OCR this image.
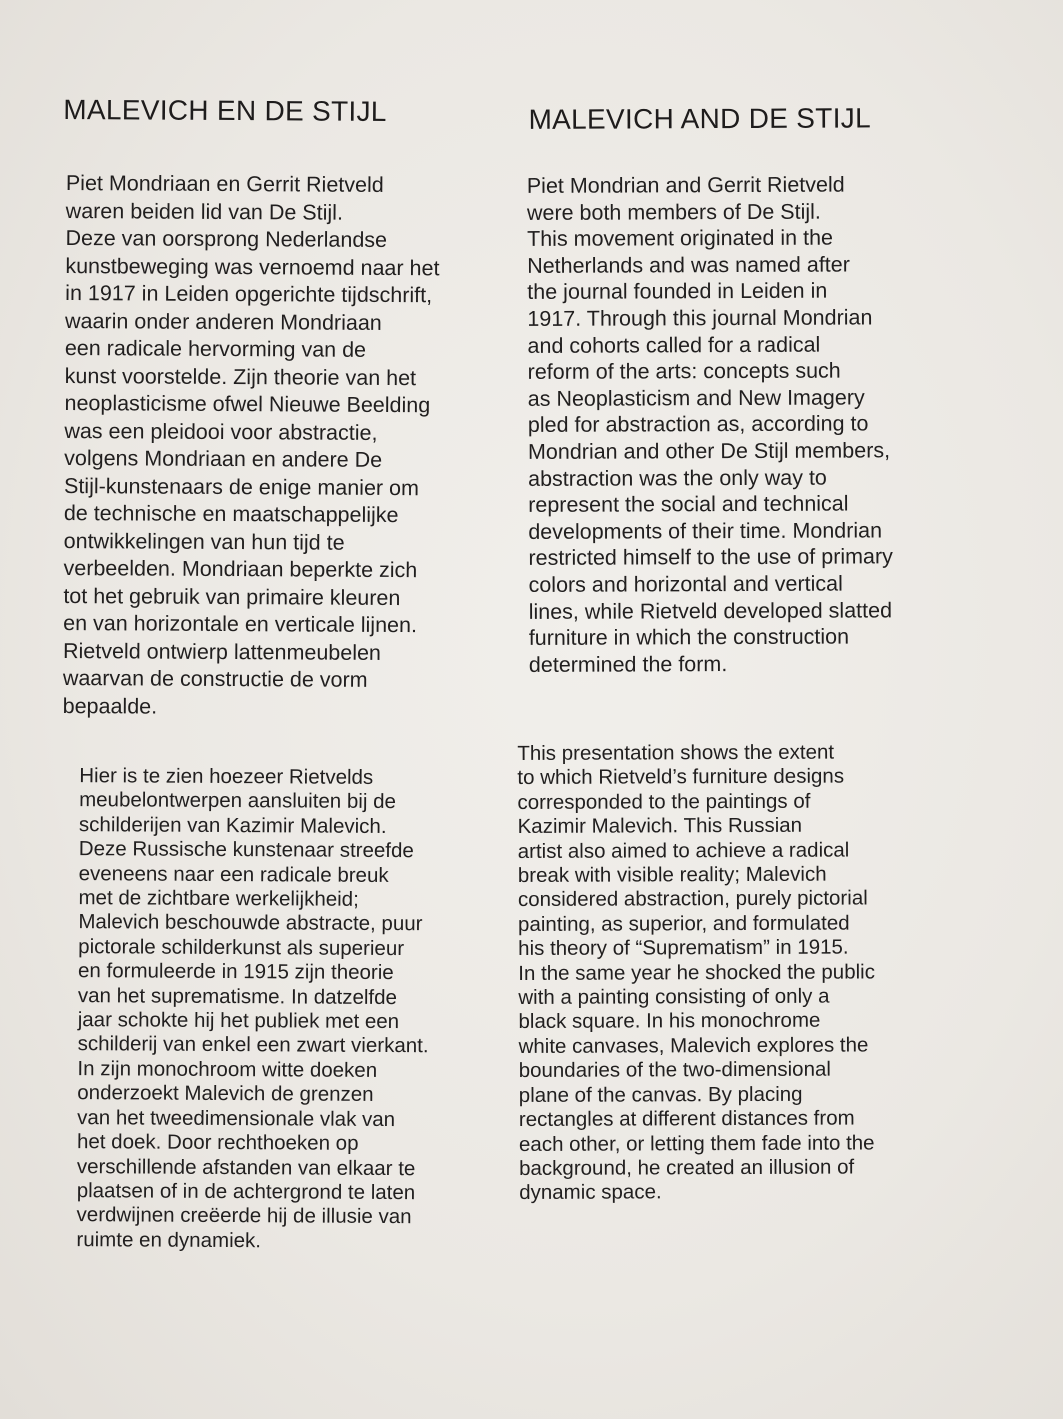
MALEVICH EN DE STIJL

Piet Mondriaan en Gerrit Rietveld
waren beiden lid van De Stijl.
Deze van oorsprong Nederlandse
kunstbeweging was vernoemd naar het
in 1917 in Leiden opgerichte tijdschrift,
waarin onder anderen Mondriaan
een radicale hervorming van de
kunst voorstelde. Zijn theorie van het
neoplasticisme ofwel Nieuwe Beelding
was een pleidooi voor abstractie,
volgens Mondriaan en andere De
Stijl-kunstenaars de enige manier om
de technische en maatschappelijke
ontwikkelingen van hun tijd te
verbeelden. Mondriaan beperkte zich
tot het gebruik van primaire kleuren
en van horizontale en verticale lijnen.
Rietveld ontwierp lattenmeubelen
waarvan de constructie de vorm
bepaalde.

Hier is te zien hoezeer Rietvelds
meubelontwerpen aansluiten bij de
schilderijen van Kazimir Malevich.
Deze Russische kunstenaar streefde
eveneens naar een radicale breuk
met de zichtbare werkelijkheid;
Malevich beschouwde abstracte, puur
pictorale schilderkunst als superieur
en formuleerde in 1915 zijn theorie
van het suprematisme. In datzelfde
jaar schokte hij het publiek met een
schilderij van enkel een zwart vierkant.
In zijn monochroom witte doeken
onderzoekt Malevich de grenzen
van het tweedimensionale vlak van
het doek. Door rechthoeken op
verschillende afstanden van elkaar te
plaatsen of in de achtergrond te laten
verdwijnen creëerde hij de illusie van
ruimte en dynamiek.

MALEVICH AND DE STIJL

Piet Mondrian and Gerrit Rietveld
were both members of De Stijl.
This movement originated in the
Netherlands and was named after
the journal founded in Leiden in
1917. Through this journal Mondrian
and cohorts called for a radical
reform of the arts: concepts such
as Neoplasticism and New Imagery
pled for abstraction as, according to
Mondrian and other De Stijl members,
abstraction was the only way to
represent the social and technical
developments of their time. Mondrian
restricted himself to the use of primary
colors and horizontal and vertical
lines, while Rietveld developed slatted
furniture in which the construction
determined the form.

This presentation shows the extent
to which Rietveld’s furniture designs
corresponded to the paintings of
Kazimir Malevich. This Russian
artist also aimed to achieve a radical
break with visible reality; Malevich
considered abstraction, purely pictorial
painting, as superior, and formulated
his theory of “Suprematism” in 1915.
In the same year he shocked the public
with a painting consisting of only a
black square. In his monochrome
white canvases, Malevich explores the
boundaries of the two-dimensional
plane of the canvas. By placing
rectangles at different distances from
each other, or letting them fade into the
background, he created an illusion of
dynamic space.
